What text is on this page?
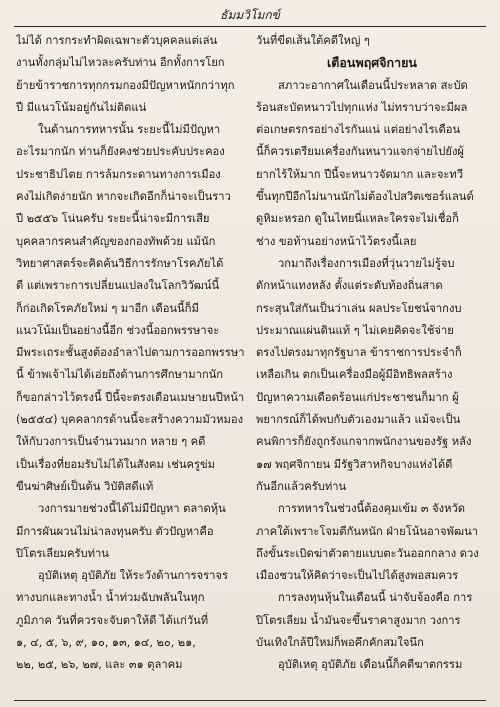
ธัมมวิโมกข์
ไม่ได้ การกระทำผิดเฉพาะตัวบุคคลแต่เล่น
งานทั้งกลุ่มไม่ไหวละครับท่าน อีกทั้งการโยก
ย้ายข้าราชการทุกกรมกองมีปัญหาหนักกว่าทุก
ปี มีแนวโน้มอยู่กันไม่ติดแน่
ในด้านการทหารนั้น ระยะนี้ไม่มีปัญหา
อะไรมากนัก ท่านก็ยังคงช่วยประคับประคอง
ประชาธิปไตย การล้มกระดานทางการเมือง
คงไม่เกิดง่ายนัก หากจะเกิดอีกก็น่าจะเป็นราว
ปี ๒๕๕๖ โน่นครับ ระยะนี้น่าจะมีการเสีย
บุคคลากรคนสำคัญของกองทัพด้วย แม้นัก
วิทยาศาสตร์จะคิดค้นวิธีการรักษาโรคภัยได้
ดี แต่เพราะการเปลี่ยนแปลงในโลกวิวัฒน์นี้
ก็ก่อเกิดโรคภัยใหม่ ๆ มาอีก เดือนนี้ก็มี
แนวโน้มเป็นอย่างนี้อีก ช่วงนี้ออกพรรษาจะ
มีพระเถระชั้นสูงต้องอำลาไปตามการออกพรรษา
นี้ ข้าพเจ้าไม่ได้เอ่ยถึงด้านการศึกษามากนัก
ก็ขอกล่าวไว้ตรงนี้ ปีนี้จะตรงเดือนเมษายนปีหน้า
(๒๕๕๔) บุคคลากรด้านนี้จะสร้างความมัวหมอง
ให้กับวงการเป็นจำนวนมาก หลาย ๆ คดี
เป็นเรื่องที่ยอมรับไม่ได้ในสังคม เช่นครูข่ม
ขืนฆ่าศิษย์เป็นต้น วิบัติสดีแท้
วงการมายช่วงนี้ได้ไม่มีปัญหา ตลาดหุ้น
มีการผันผวนไม่น่าลงทุนครับ ตัวปัญหาคือ
ปิโตรเลียมครับท่าน
อุบัติเหตุ อุบัติภัย ให้ระวังด้านการจราจร
ทางบกและทางน้ำ น้ำท่วมฉับพลันในหุก
ภูมิภาค วันที่ควรจะจับตาให้ดี ได้แก่วันที่
๑, ๔, ๕, ๖, ๙, ๑๐, ๑๓, ๑๔, ๒๐, ๒๑,
๒๒, ๒๕, ๒๖, ๒๗, และ ๓๑ ตุลาคม
วันที่ขีดเส้นใต้คดีใหญ่ ๆ
เตือนพฤศจิกายน
สภาวะอากาศในเดือนนี้ประหลาด สะบัด
ร้อนสะบัดหนาวไปทุกแห่ง ไม่ทราบว่าจะมีผล
ต่อเกษตรกรอย่างไรกันแน่ แต่อย่างไรเดือน
นี้ก็ควรเตรียมเครื่องกันหนาวแจกจ่ายไปยังผู้
ยากไร้ให้มาก ปีนี้จะหนาวจัดมาก และจะทวี
ขึ้นทุกปีอีกไม่นานนักไม่ต้องไปสวิตเซอร์แลนด์
ดูหิมะหรอก ดูในไทยนี่แหละใครจะไม่เชื่อก็
ช่าง ขอท้านอย่างหน้าไว้ตรงนี้เลย
วกมาถึงเรื่องการเมืองที่วุ่นวายไม่รู้จบ
ดักหน้าแทงหลัง ตั้งแต่ระดับท้องถิ่นสาด
กระสุนใส่กันเป็นว่าเล่น ผลประโยชน์จากงบ
ประมาณแผ่นดินแท้ ๆ ไม่เคยคิดจะใช้จ่าย
ตรงไปตรงมาทุกรัฐบาล ข้าราชการประจำก็
เหลือเกิน ตกเป็นเครื่องมือผู้มีอิทธิพลสร้าง
ปัญหาความเดือดร้อนแก่ประชาชนก็มาก ผู้
พยากรณ์ก็ได้พบกับตัวเองมาแล้ว แม้จะเป็น
คนพิการก็ยังถูกรังแกจากพนักงานของรัฐ หลัง
๑๗ พฤศจิกายน มีรัฐวิสาหกิจบางแห่งได้ดี
กันอีกแล้วครับท่าน
การทหารในช่วงนี้ต้องคุมเข้ม ๓ จังหวัด
ภาคใต้เพราะโจมตีกันหนัก ฝ่ายโน้นอาจพัฒนา
ถึงขั้นระเบิดฆ่าตัวตายแบบตะวันออกกลาง ดวง
เมืองชวนให้คิดว่าจะเป็นไปได้สูงพอสมควร
การลงทุนหุ้นในเดือนนี้ น่าจับจ้องคือ การ
ปิโตรเลียม น้ำมันจะขึ้นราคาสูงมาก วงการ
บันเทิงใกล้ปีใหม่ก็พอคึกคักสมใจนึก
อุบัติเหตุ อุบัติภัย เดือนนี้ก็คดีฆาตกรรม
